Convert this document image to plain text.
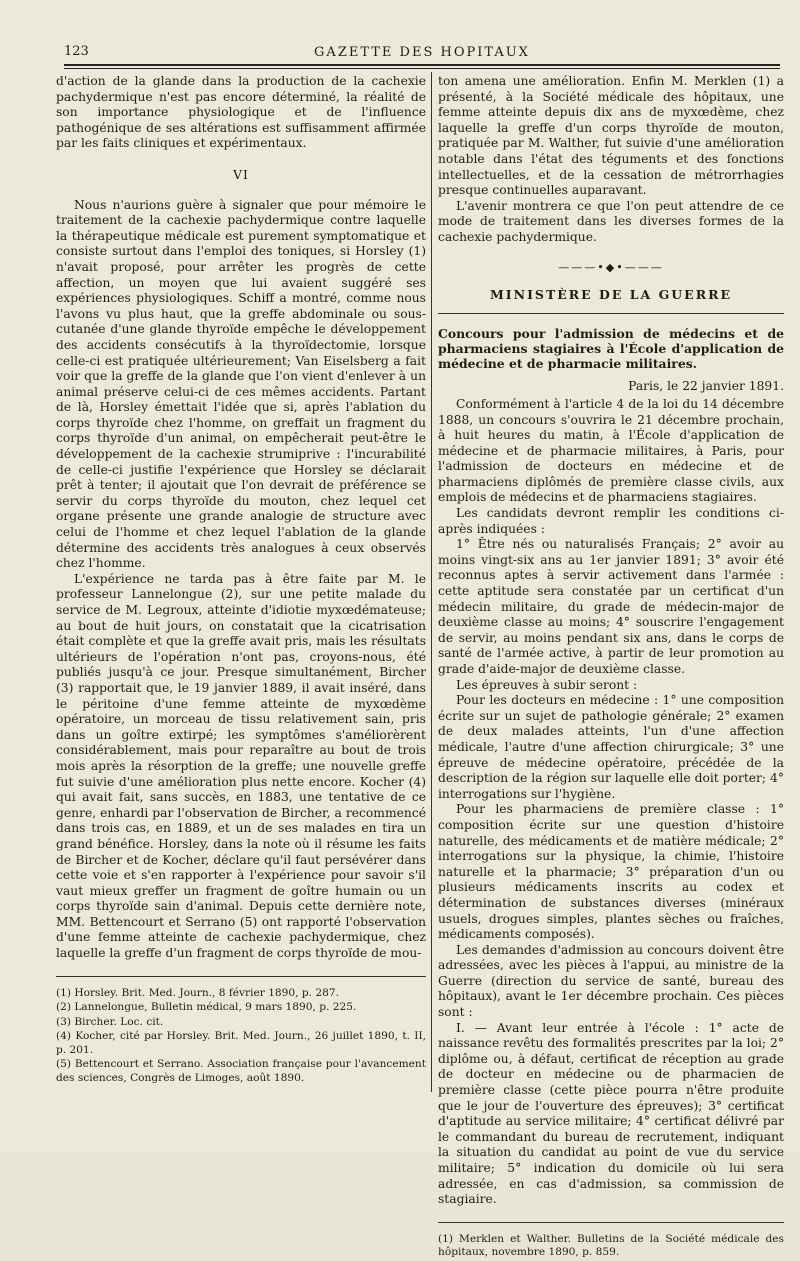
123	GAZETTE DES HOPITAUX

d'action de la glande dans la production de la cachexie pachydermique n'est pas encore déterminé, la réalité de son importance physiologique et de l'influence pathogénique de ses altérations est suffisamment affirmée par les faits cliniques et expérimentaux.

VI

Nous n'aurions guère à signaler que pour mémoire le traitement de la cachexie pachydermique contre laquelle la thérapeutique médicale est purement symptomatique et consiste surtout dans l'emploi des toniques, si Horsley (1) n'avait proposé, pour arrêter les progrès de cette affection, un moyen que lui avaient suggéré ses expériences physiologiques. Schiff a montré, comme nous l'avons vu plus haut, que la greffe abdominale ou sous-cutanée d'une glande thyroïde empêche le développement des accidents consécutifs à la thyroïdectomie, lorsque celle-ci est pratiquée ultérieurement; Van Eiselsberg a fait voir que la greffe de la glande que l'on vient d'enlever à un animal préserve celui-ci de ces mêmes accidents. Partant de là, Horsley émettait l'idée que si, après l'ablation du corps thyroïde chez l'homme, on greffait un fragment du corps thyroïde d'un animal, on empêcherait peut-être le développement de la cachexie strumiprive : l'incurabilité de celle-ci justifie l'expérience que Horsley se déclarait prêt à tenter; il ajoutait que l'on devrait de préférence se servir du corps thyroïde du mouton, chez lequel cet organe présente une grande analogie de structure avec celui de l'homme et chez lequel l'ablation de la glande détermine des accidents très analogues à ceux observés chez l'homme.

L'expérience ne tarda pas à être faite par M. le professeur Lannelongue (2), sur une petite malade du service de M. Legroux, atteinte d'idiotie myxœdémateuse; au bout de huit jours, on constatait que la cicatrisation était complète et que la greffe avait pris, mais les résultats ultérieurs de l'opération n'ont pas, croyons-nous, été publiés jusqu'à ce jour. Presque simultanément, Bircher (3) rapportait que, le 19 janvier 1889, il avait inséré, dans le péritoine d'une femme atteinte de myxœdème opératoire, un morceau de tissu relativement sain, pris dans un goître extirpé; les symptômes s'améliorèrent considérablement, mais pour reparaître au bout de trois mois après la résorption de la greffe; une nouvelle greffe fut suivie d'une amélioration plus nette encore. Kocher (4) qui avait fait, sans succès, en 1883, une tentative de ce genre, enhardi par l'observation de Bircher, a recommencé dans trois cas, en 1889, et un de ses malades en tira un grand bénéfice. Horsley, dans la note où il résume les faits de Bircher et de Kocher, déclare qu'il faut persévérer dans cette voie et s'en rapporter à l'expérience pour savoir s'il vaut mieux greffer un fragment de goître humain ou un corps thyroïde sain d'animal. Depuis cette dernière note, MM. Bettencourt et Serrano (5) ont rapporté l'observation d'une femme atteinte de cachexie pachydermique, chez laquelle la greffe d'un fragment de corps thyroïde de mou-

(1) Horsley. Brit. Med. Journ., 8 février 1890, p. 287.

(2) Lannelongue, Bulletin médical, 9 mars 1890, p. 225.

(3) Bircher. Loc. cit.

(4) Kocher, cité par Horsley. Brit. Med. Journ., 26 juillet 1890, t. II, p. 201.

(5) Bettencourt et Serrano. Association française pour l'avancement des sciences, Congrès de Limoges, août 1890.

ton amena une amélioration. Enfin M. Merklen (1) a présenté, à la Société médicale des hôpitaux, une femme atteinte depuis dix ans de myxœdème, chez laquelle la greffe d'un corps thyroïde de mouton, pratiquée par M. Walther, fut suivie d'une amélioration notable dans l'état des téguments et des fonctions intellectuelles, et de la cessation de métrorrhagies presque continuelles auparavant.

L'avenir montrera ce que l'on peut attendre de ce mode de traitement dans les diverses formes de la cachexie pachydermique.

———•◆•———

MINISTÈRE DE LA GUERRE

Concours pour l'admission de médecins et de pharmaciens stagiaires à l'École d'application de médecine et de pharmacie militaires.

Paris, le 22 janvier 1891.

Conformément à l'article 4 de la loi du 14 décembre 1888, un concours s'ouvrira le 21 décembre prochain, à huit heures du matin, à l'École d'application de médecine et de pharmacie militaires, à Paris, pour l'admission de docteurs en médecine et de pharmaciens diplômés de première classe civils, aux emplois de médecins et de pharmaciens stagiaires.

Les candidats devront remplir les conditions ci-après indiquées :

1° Être nés ou naturalisés Français; 2° avoir au moins vingt-six ans au 1er janvier 1891; 3° avoir été reconnus aptes à servir activement dans l'armée : cette aptitude sera constatée par un certificat d'un médecin militaire, du grade de médecin-major de deuxième classe au moins; 4° souscrire l'engagement de servir, au moins pendant six ans, dans le corps de santé de l'armée active, à partir de leur promotion au grade d'aide-major de deuxième classe.

Les épreuves à subir seront :

Pour les docteurs en médecine : 1° une composition écrite sur un sujet de pathologie générale; 2° examen de deux malades atteints, l'un d'une affection médicale, l'autre d'une affection chirurgicale; 3° une épreuve de médecine opératoire, précédée de la description de la région sur laquelle elle doit porter; 4° interrogations sur l'hygiène.

Pour les pharmaciens de première classe : 1° composition écrite sur une question d'histoire naturelle, des médicaments et de matière médicale; 2° interrogations sur la physique, la chimie, l'histoire naturelle et la pharmacie; 3° préparation d'un ou plusieurs médicaments inscrits au codex et détermination de substances diverses (minéraux usuels, drogues simples, plantes sèches ou fraîches, médicaments composés).

Les demandes d'admission au concours doivent être adressées, avec les pièces à l'appui, au ministre de la Guerre (direction du service de santé, bureau des hôpitaux), avant le 1er décembre prochain. Ces pièces sont :

I. — Avant leur entrée à l'école : 1° acte de naissance revêtu des formalités prescrites par la loi; 2° diplôme ou, à défaut, certificat de réception au grade de docteur en médecine ou de pharmacien de première classe (cette pièce pourra n'être produite que le jour de l'ouverture des épreuves); 3° certificat d'aptitude au service militaire; 4° certificat délivré par le commandant du bureau de recrutement, indiquant la situation du candidat au point de vue du service militaire; 5° indication du domicile où lui sera adressée, en cas d'admission, sa commission de stagiaire.

(1) Merklen et Walther. Bulletins de la Société médicale des hôpitaux, novembre 1890, p. 859.
